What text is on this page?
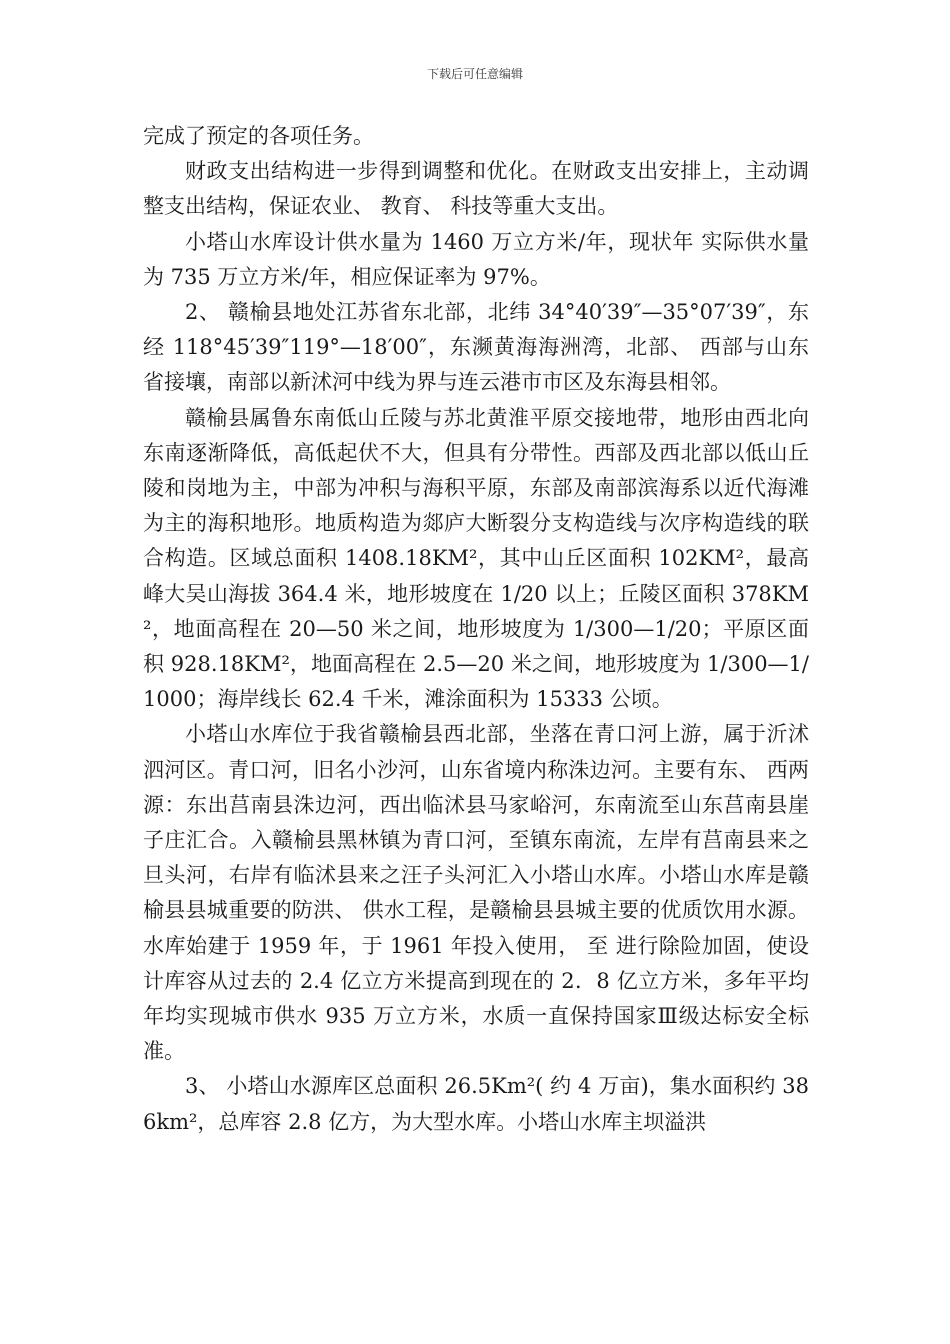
下载后可任意编辑

完成了预定的各项任务。

财政支出结构进一步得到调整和优化。在财政支出安排上，主动调整支出结构，保证农业、 教育、 科技等重大支出。

小塔山水库设计供水量为 1460 万立方米/年，现状年 实际供水量为 735 万立方米/年，相应保证率为 97%。

2、 赣榆县地处江苏省东北部，北纬 34°40′39″—35°07′39″，东经 118°45′39″119°—18′00″，东濒黄海海洲湾，北部、 西部与山东省接壤，南部以新沭河中线为界与连云港市市区及东海县相邻。

赣榆县属鲁东南低山丘陵与苏北黄淮平原交接地带，地形由西北向东南逐渐降低，高低起伏不大，但具有分带性。西部及西北部以低山丘陵和岗地为主，中部为冲积与海积平原，东部及南部滨海系以近代海滩为主的海积地形。地质构造为郯庐大断裂分支构造线与次序构造线的联合构造。区域总面积 1408.18KM²，其中山丘区面积 102KM²，最高峰大吴山海拔 364.4 米，地形坡度在 1/20 以上；丘陵区面积 378KM²，地面高程在 20—50 米之间，地形坡度为 1/300—1/20；平原区面积 928.18KM²，地面高程在 2.5—20 米之间，地形坡度为 1/300—1/1000；海岸线长 62.4 千米，滩涂面积为 15333 公顷。

小塔山水库位于我省赣榆县西北部，坐落在青口河上游，属于沂沭泗河区。青口河，旧名小沙河，山东省境内称洙边河。主要有东、 西两源：东出莒南县洙边河，西出临沭县马家峪河，东南流至山东莒南县崖子庄汇合。入赣榆县黑林镇为青口河，至镇东南流，左岸有莒南县来之旦头河，右岸有临沭县来之汪子头河汇入小塔山水库。小塔山水库是赣榆县县城重要的防洪、 供水工程，是赣榆县县城主要的优质饮用水源。水库始建于 1959 年，于 1961 年投入使用， 至 进行除险加固，使设计库容从过去的 2.4 亿立方米提高到现在的 2．8 亿立方米，多年平均年均实现城市供水 935 万立方米，水质一直保持国家Ⅲ级达标安全标准。

3、 小塔山水源库区总面积 26.5Km²( 约 4 万亩)，集水面积约 386km²，总库容 2.8 亿方，为大型水库。小塔山水库主坝溢洪
